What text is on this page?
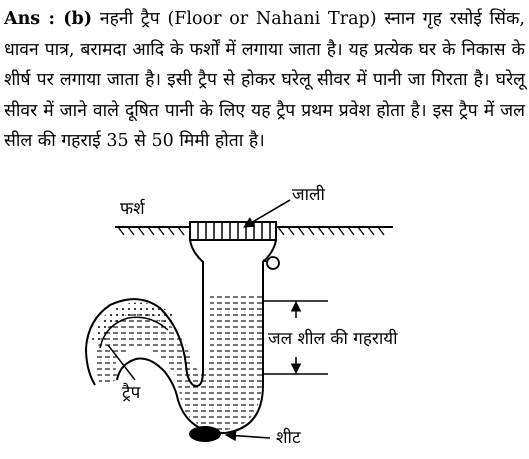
Ans : (b) नहनी ट्रैप (Floor or Nahani Trap) स्नान गृह रसोई सिंक, धावन पात्र, बरामदा आदि के फर्शों में लगाया जाता है। यह प्रत्येक घर के निकास के शीर्ष पर लगाया जाता है। इसी ट्रैप से होकर घरेलू सीवर में पानी जा गिरता है। घरेलू सीवर में जाने वाले दूषित पानी के लिए यह ट्रैप प्रथम प्रवेश होता है। इस ट्रैप में जल सील की गहराई 35 से 50 मिमी होता है।
फर्श
जाली
जल शील की गहरायी
ट्रैप
शीट
